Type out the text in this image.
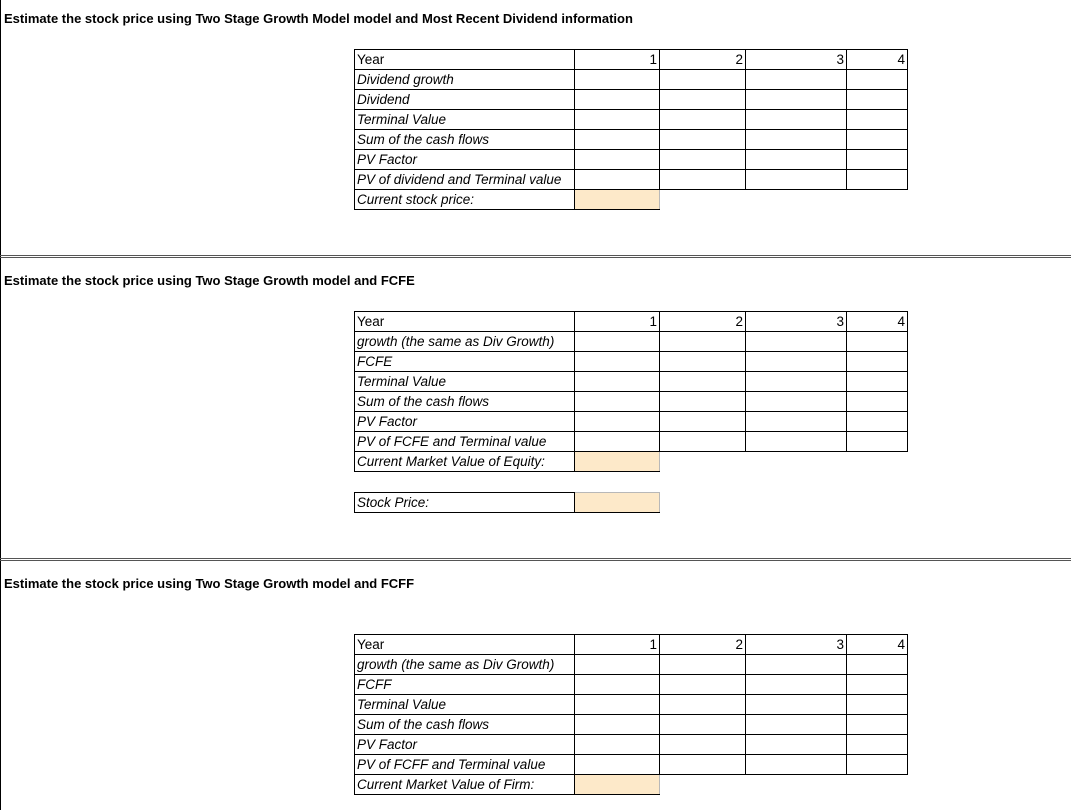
Estimate the stock price using Two Stage Growth Model model and Most Recent Dividend information
Year	1	2	3	4
Dividend growth				
Dividend				
Terminal Value				
Sum of the cash flows				
PV Factor				
PV of dividend and Terminal value				
Current stock price:				
Estimate the stock price using Two Stage Growth model and FCFE
Year	1	2	3	4
growth (the same as Div Growth)				
FCFE				
Terminal Value				
Sum of the cash flows				
PV Factor				
PV of FCFE and Terminal value				
Current Market Value of Equity:				

Stock Price:				
Estimate the stock price using Two Stage Growth model and FCFF
Year	1	2	3	4
growth (the same as Div Growth)				
FCFF				
Terminal Value				
Sum of the cash flows				
PV Factor				
PV of FCFF and Terminal value				
Current Market Value of Firm:				
